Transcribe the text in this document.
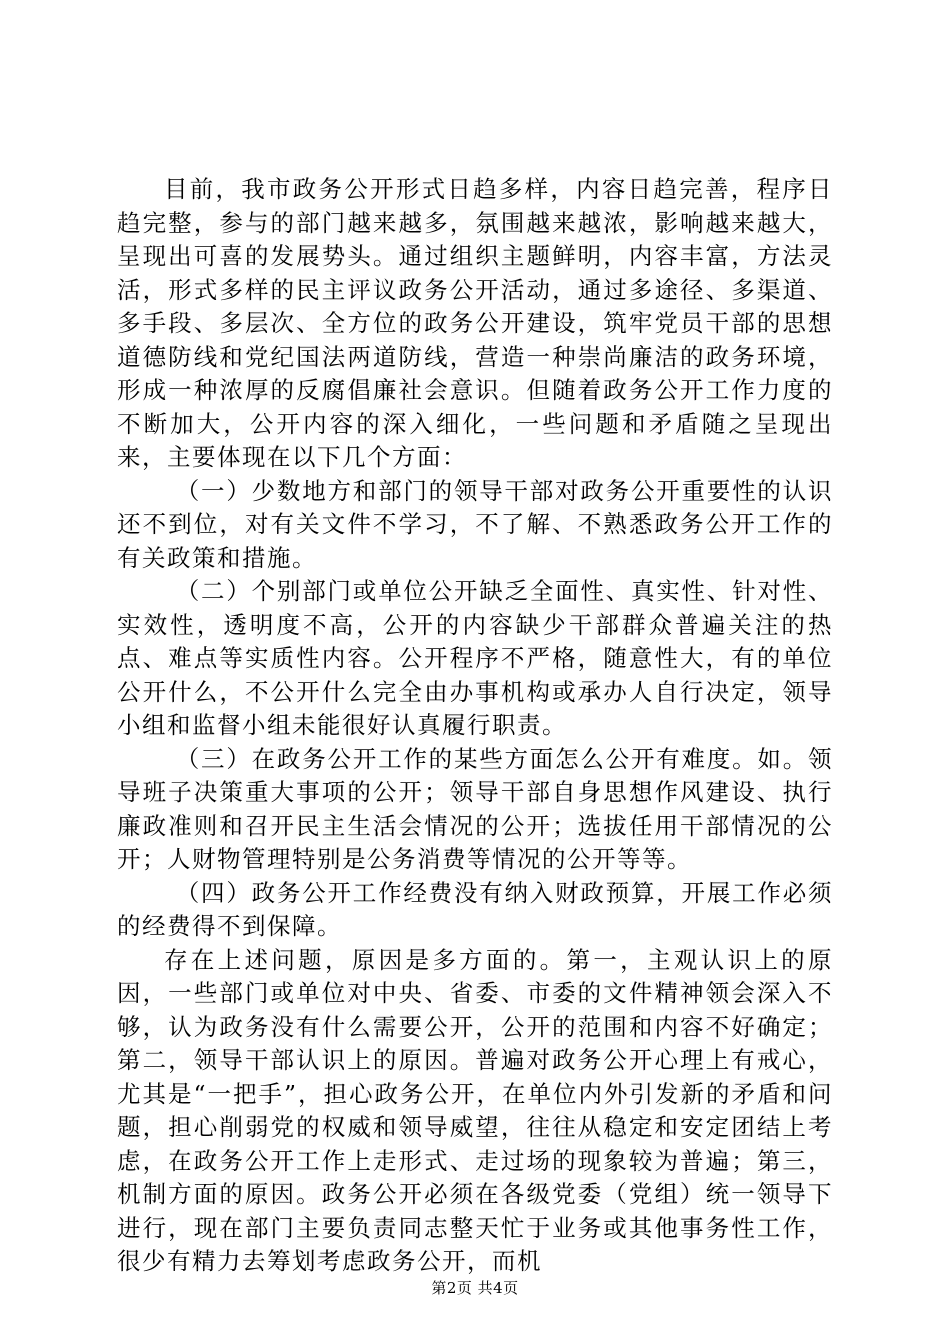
目前，我市政务公开形式日趋多样，内容日趋完善，程序日趋完整，参与的部门越来越多，氛围越来越浓，影响越来越大，呈现出可喜的发展势头。通过组织主题鲜明，内容丰富，方法灵活，形式多样的民主评议政务公开活动，通过多途径、多渠道、多手段、多层次、全方位的政务公开建设，筑牢党员干部的思想道德防线和党纪国法两道防线，营造一种崇尚廉洁的政务环境，形成一种浓厚的反腐倡廉社会意识。但随着政务公开工作力度的不断加大，公开内容的深入细化，一些问题和矛盾随之呈现出来，主要体现在以下几个方面：

（一）少数地方和部门的领导干部对政务公开重要性的认识还不到位，对有关文件不学习，不了解、不熟悉政务公开工作的有关政策和措施。

（二）个别部门或单位公开缺乏全面性、真实性、针对性、实效性，透明度不高，公开的内容缺少干部群众普遍关注的热点、难点等实质性内容。公开程序不严格，随意性大，有的单位公开什么，不公开什么完全由办事机构或承办人自行决定，领导小组和监督小组未能很好认真履行职责。

（三）在政务公开工作的某些方面怎么公开有难度。如。领导班子决策重大事项的公开；领导干部自身思想作风建设、执行廉政准则和召开民主生活会情况的公开；选拔任用干部情况的公开；人财物管理特别是公务消费等情况的公开等等。

（四）政务公开工作经费没有纳入财政预算，开展工作必须的经费得不到保障。

存在上述问题，原因是多方面的。第一，主观认识上的原因，一些部门或单位对中央、省委、市委的文件精神领会深入不够，认为政务没有什么需要公开，公开的范围和内容不好确定；第二，领导干部认识上的原因。普遍对政务公开心理上有戒心，尤其是“一把手”，担心政务公开，在单位内外引发新的矛盾和问题，担心削弱党的权威和领导威望，往往从稳定和安定团结上考虑，在政务公开工作上走形式、走过场的现象较为普遍；第三，机制方面的原因。政务公开必须在各级党委（党组）统一领导下进行，现在部门主要负责同志整天忙于业务或其他事务性工作，很少有精力去筹划考虑政务公开，而机

第2页 共4页
